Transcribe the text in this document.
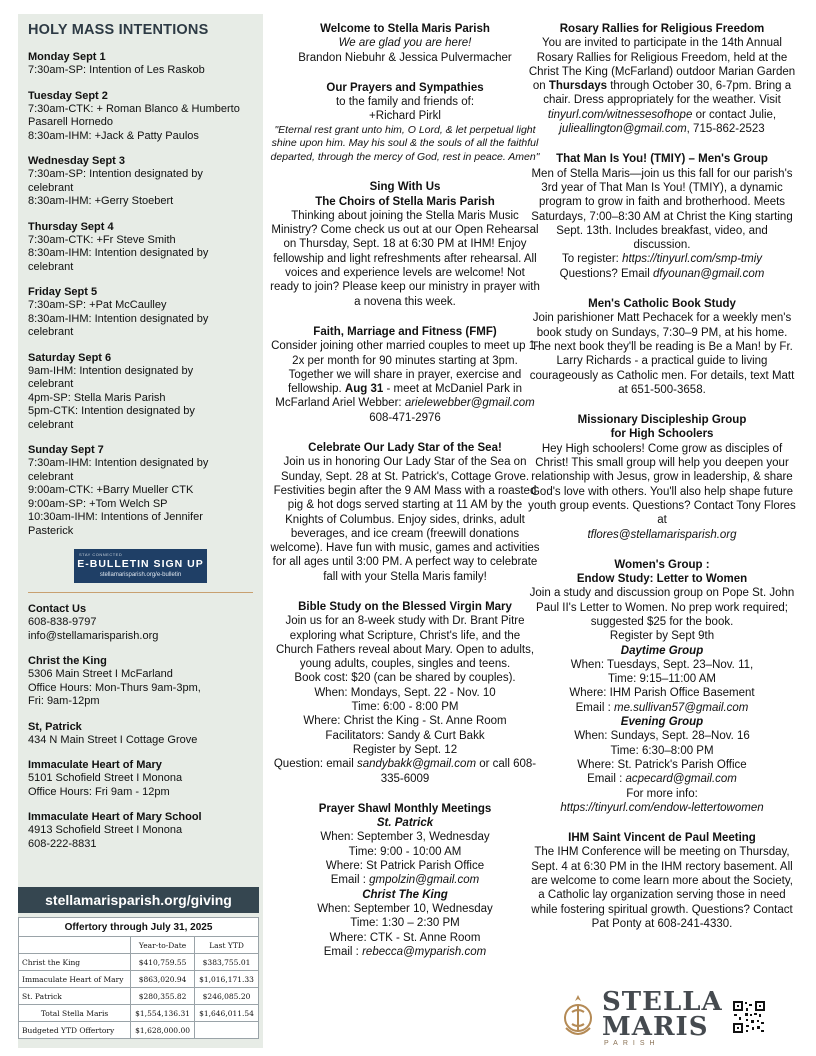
HOLY MASS INTENTIONS
Monday Sept 1
7:30am-SP: Intention of Les Raskob
Tuesday Sept 2
7:30am-CTK: + Roman Blanco & Humberto
Pasarell Hornedo
8:30am-IHM: +Jack & Patty Paulos
Wednesday Sept 3
7:30am-SP: Intention designated by
celebrant
8:30am-IHM: +Gerry Stoebert
Thursday Sept 4
7:30am-CTK: +Fr Steve Smith
8:30am-IHM: Intention designated by
celebrant
Friday Sept 5
7:30am-SP: +Pat McCaulley
8:30am-IHM: Intention designated by
celebrant
Saturday Sept 6
9am-IHM: Intention designated by
celebrant
4pm-SP: Stella Maris Parish
5pm-CTK: Intention designated by
celebrant
Sunday Sept 7
7:30am-IHM: Intention designated by
celebrant
9:00am-CTK: +Barry Mueller CTK
9:00am-SP: +Tom Welch SP
10:30am-IHM: Intentions of Jennifer
Pasterick
STAY CONNECTED
E-BULLETIN SIGN UP
stellamarisparish.org/e-bulletin
Contact Us
608-838-9797
info@stellamarisparish.org
Christ the King
5306 Main Street I McFarland
Office Hours: Mon-Thurs 9am-3pm,
Fri: 9am-12pm
St, Patrick
434 N Main Street I Cottage Grove
Immaculate Heart of Mary
5101 Schofield Street I Monona
Office Hours: Fri 9am - 12pm
Immaculate Heart of Mary School
4913 Schofield Street I Monona
608-222-8831
stellamarisparish.org/giving
Offertory through July 31, 2025		
	Year-to-Date	Last YTD
Christ the King	$410,759.55	$383,755.01
Immaculate Heart of Mary	$863,020.94	$1,016,171.33
St. Patrick	$280,355.82	$246,085.20
Total Stella Maris	$1,554,136.31	$1,646,011.54
Budgeted YTD Offertory	$1,628,000.00	
Welcome to Stella Maris Parish
We are glad you are here!
Brandon Niebuhr & Jessica Pulvermacher
Our Prayers and Sympathies
to the family and friends of:
+Richard Pirkl
"Eternal rest grant unto him, O Lord, & let perpetual light shine upon him. May his soul & the souls of all the faithful departed, through the mercy of God, rest in peace. Amen"
Sing With Us
The Choirs of Stella Maris Parish
Thinking about joining the Stella Maris Music Ministry? Come check us out at our Open Rehearsal on Thursday, Sept. 18 at 6:30 PM at IHM! Enjoy fellowship and light refreshments after rehearsal. All voices and experience levels are welcome! Not ready to join? Please keep our ministry in prayer with a novena this week.
Faith, Marriage and Fitness (FMF)
Consider joining other married couples to meet up 1-2x per month for 90 minutes starting at 3pm. Together we will share in prayer, exercise and fellowship. Aug 31 - meet at McDaniel Park in McFarland Ariel Webber: arielewebber@gmail.com
608-471-2976
Celebrate Our Lady Star of the Sea!
Join us in honoring Our Lady Star of the Sea on Sunday, Sept. 28 at St. Patrick's, Cottage Grove. Festivities begin after the 9 AM Mass with a roasted pig & hot dogs served starting at 11 AM by the Knights of Columbus. Enjoy sides, drinks, adult beverages, and ice cream (freewill donations welcome). Have fun with music, games and activities for all ages until 3:00 PM. A perfect way to celebrate fall with your Stella Maris family!
Bible Study on the Blessed Virgin Mary
Join us for an 8-week study with Dr. Brant Pitre exploring what Scripture, Christ's life, and the Church Fathers reveal about Mary. Open to adults, young adults, couples, singles and teens.
Book cost: $20 (can be shared by couples).
When: Mondays, Sept. 22 - Nov. 10
Time: 6:00 - 8:00 PM
Where: Christ the King - St. Anne Room
Facilitators: Sandy & Curt Bakk
Register by Sept. 12
Question: email sandybakk@gmail.com or call 608-335-6009
Prayer Shawl Monthly Meetings
St. Patrick
When: September 3, Wednesday
Time: 9:00 - 10:00 AM
Where: St Patrick Parish Office
Email : gmpolzin@gmail.com
Christ The King
When: September 10, Wednesday
Time: 1:30 – 2:30 PM
Where: CTK - St. Anne Room
Email : rebecca@myparish.com
Rosary Rallies for Religious Freedom
You are invited to participate in the 14th Annual Rosary Rallies for Religious Freedom, held at the Christ The King (McFarland) outdoor Marian Garden on Thursdays through October 30, 6-7pm. Bring a chair. Dress appropriately for the weather. Visit tinyurl.com/witnessesofhope or contact Julie, julieallington@gmail.com, 715-862-2523
That Man Is You! (TMIY) – Men's Group
Men of Stella Maris—join us this fall for our parish's 3rd year of That Man Is You! (TMIY), a dynamic program to grow in faith and brotherhood. Meets Saturdays, 7:00–8:30 AM at Christ the King starting Sept. 13th. Includes breakfast, video, and discussion.
To register: https://tinyurl.com/smp-tmiy
Questions? Email dfyounan@gmail.com
Men's Catholic Book Study
Join parishioner Matt Pechacek for a weekly men's book study on Sundays, 7:30–9 PM, at his home. The next book they'll be reading is Be a Man! by Fr. Larry Richards - a practical guide to living courageously as Catholic men. For details, text Matt at 651-500-3658.
Missionary Discipleship Group
for High Schoolers
Hey High schoolers! Come grow as disciples of Christ! This small group will help you deepen your relationship with Jesus, grow in leadership, & share God's love with others. You'll also help shape future youth group events. Questions? Contact Tony Flores at
tflores@stellamarisparish.org
Women's Group :
Endow Study: Letter to Women
Join a study and discussion group on Pope St. John Paul II's Letter to Women. No prep work required; suggested $25 for the book.
Register by Sept 9th
Daytime Group
When: Tuesdays, Sept. 23–Nov. 11,
Time: 9:15–11:00 AM
Where: IHM Parish Office Basement
Email : me.sullivan57@gmail.com
Evening Group
When: Sundays, Sept. 28–Nov. 16
Time: 6:30–8:00 PM
Where: St. Patrick's Parish Office
Email : acpecard@gmail.com
For more info:
https://tinyurl.com/endow-lettertowomen
IHM Saint Vincent de Paul Meeting
The IHM Conference will be meeting on Thursday, Sept. 4 at 6:30 PM in the IHM rectory basement. All are welcome to come learn more about the Society, a Catholic lay organization serving those in need while fostering spiritual growth. Questions? Contact Pat Ponty at 608-241-4330.
STELLA
MARIS
PARISH
